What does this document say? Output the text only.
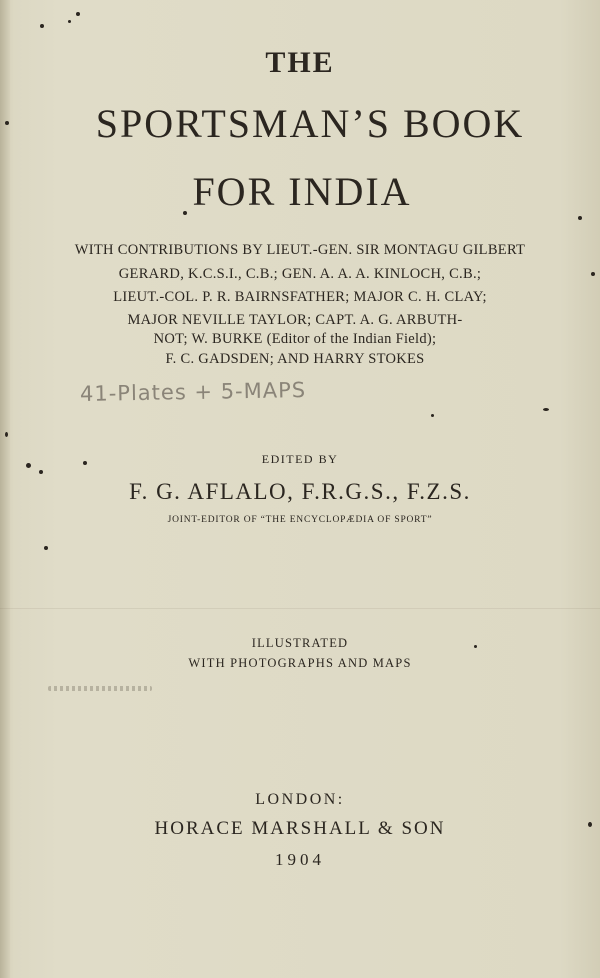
THE
SPORTSMAN’S BOOK
FOR INDIA
WITH CONTRIBUTIONS BY LIEUT.-GEN. SIR MONTAGU GILBERT
GERARD, K.C.S.I., C.B.; GEN. A. A. A. KINLOCH, C.B.;
LIEUT.-COL. P. R. BAIRNSFATHER; MAJOR C. H. CLAY;
MAJOR NEVILLE TAYLOR; CAPT. A. G. ARBUTH-
NOT; W. BURKE (Editor of the Indian Field);
F. C. GADSDEN; AND HARRY STOKES
41-Plates + 5-MAPS
EDITED BY
F. G. AFLALO, F.R.G.S., F.Z.S.
JOINT-EDITOR OF “THE ENCYCLOPÆDIA OF SPORT”
ILLUSTRATED
WITH PHOTOGRAPHS AND MAPS
LONDON:
HORACE MARSHALL & SON
1904
